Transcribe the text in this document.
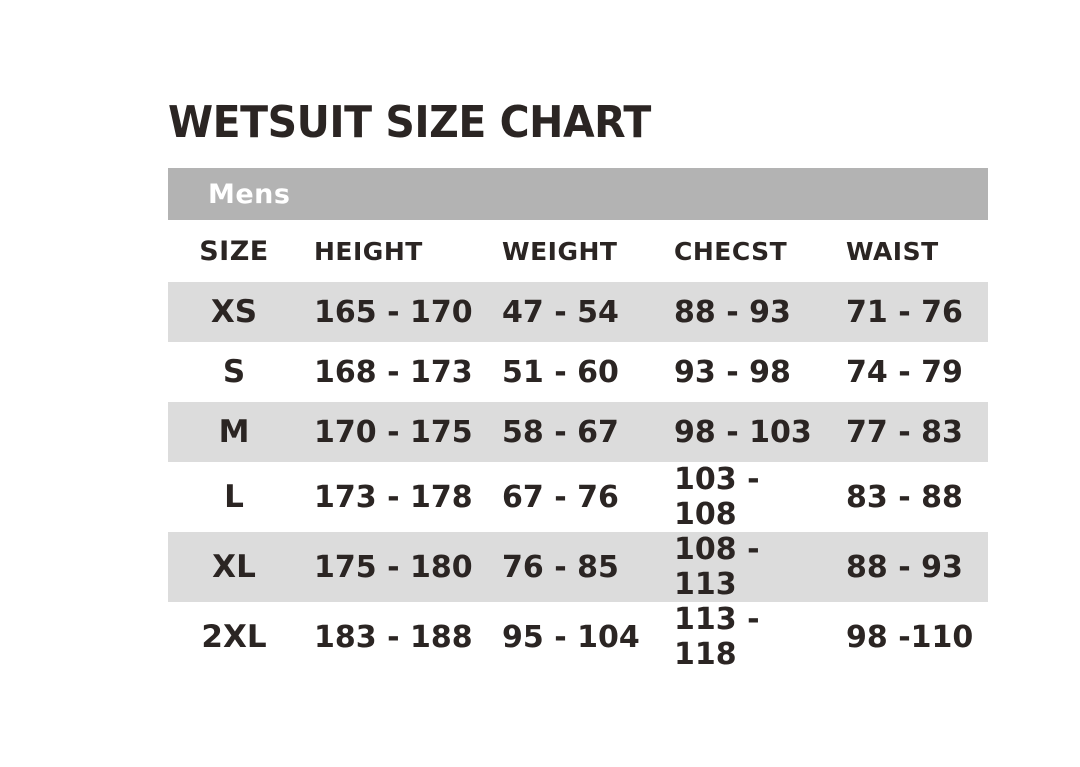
WETSUIT SIZE CHART
Mens				
SIZE	HEIGHT	WEIGHT	CHECST	WAIST
XS	165 - 170	47 - 54	88 - 93	71 - 76
S	168 - 173	51 - 60	93 - 98	74 - 79
M	170 - 175	58 - 67	98 - 103	77 - 83
L	173 - 178	67 - 76	103 - 108	83 - 88
XL	175 - 180	76 - 85	108 - 113	88 - 93
2XL	183 - 188	95 - 104	113 - 118	98 -110
